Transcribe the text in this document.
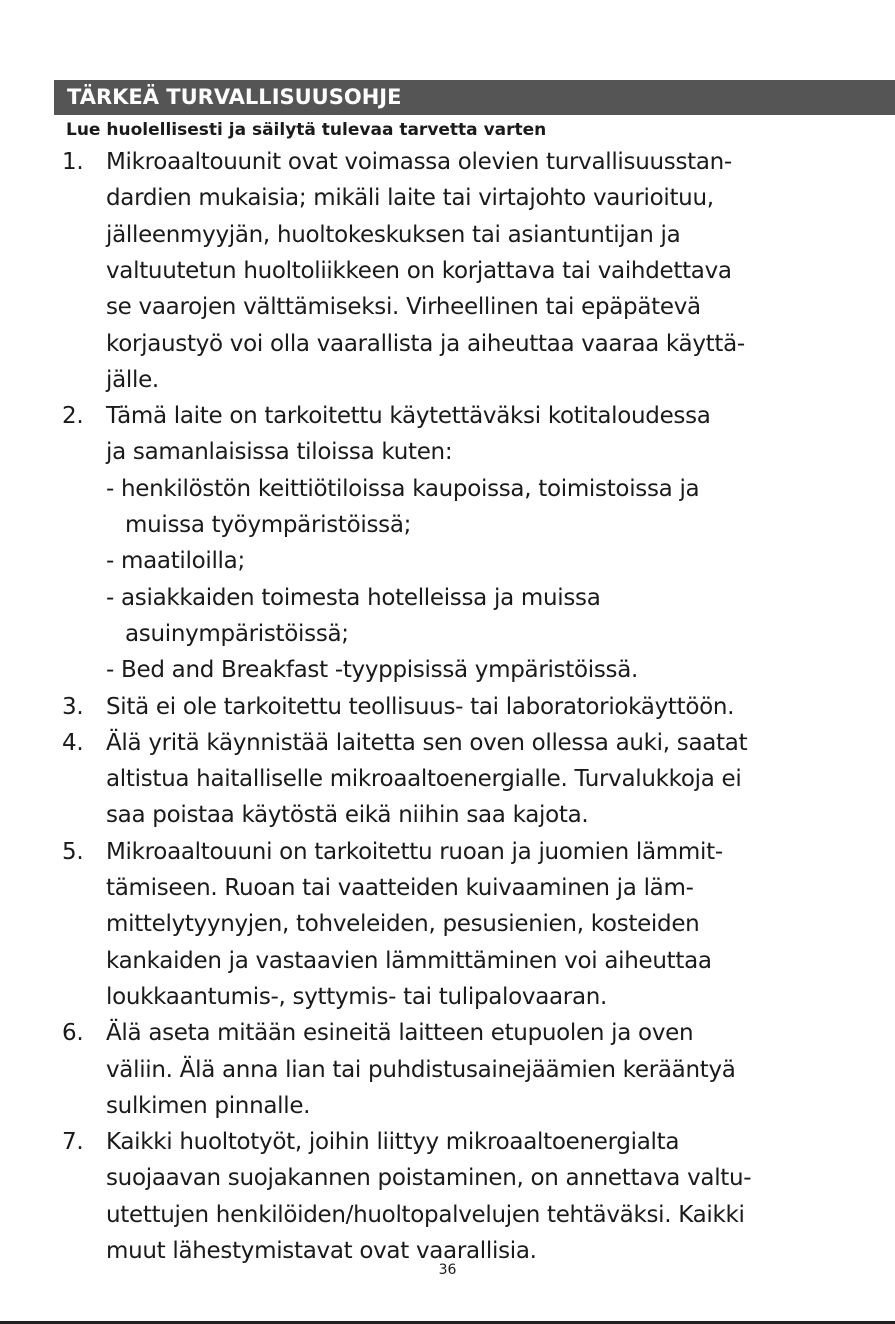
TÄRKEÄ TURVALLISUUSOHJE
Lue huolellisesti ja säilytä tulevaa tarvetta varten
1. Mikroaaltouunit ovat voimassa olevien turvallisuusstan-
dardien mukaisia; mikäli laite tai virtajohto vaurioituu,
jälleenmyyjän, huoltokeskuksen tai asiantuntijan ja
valtuutetun huoltoliikkeen on korjattava tai vaihdettava
se vaarojen välttämiseksi. Virheellinen tai epäpätevä
korjaustyö voi olla vaarallista ja aiheuttaa vaaraa käyttä-
jälle.
2. Tämä laite on tarkoitettu käytettäväksi kotitaloudessa
ja samanlaisissa tiloissa kuten:
- henkilöstön keittiötiloissa kaupoissa, toimistoissa ja
muissa työympäristöissä;
- maatiloilla;
- asiakkaiden toimesta hotelleissa ja muissa
asuinympäristöissä;
- Bed and Breakfast -tyyppisissä ympäristöissä.
3. Sitä ei ole tarkoitettu teollisuus- tai laboratoriokäyttöön.
4. Älä yritä käynnistää laitetta sen oven ollessa auki, saatat
altistua haitalliselle mikroaaltoenergialle. Turvalukkoja ei
saa poistaa käytöstä eikä niihin saa kajota.
5. Mikroaaltouuni on tarkoitettu ruoan ja juomien lämmit-
tämiseen. Ruoan tai vaatteiden kuivaaminen ja läm-
mittelytyynyjen, tohveleiden, pesusienien, kosteiden
kankaiden ja vastaavien lämmittäminen voi aiheuttaa
loukkaantumis-, syttymis- tai tulipalovaaran.
6. Älä aseta mitään esineitä laitteen etupuolen ja oven
väliin. Älä anna lian tai puhdistusainejäämien kerääntyä
sulkimen pinnalle.
7. Kaikki huoltotyöt, joihin liittyy mikroaaltoenergialta
suojaavan suojakannen poistaminen, on annettava valtu-
utettujen henkilöiden/huoltopalvelujen tehtäväksi. Kaikki
muut lähestymistavat ovat vaarallisia.
36
